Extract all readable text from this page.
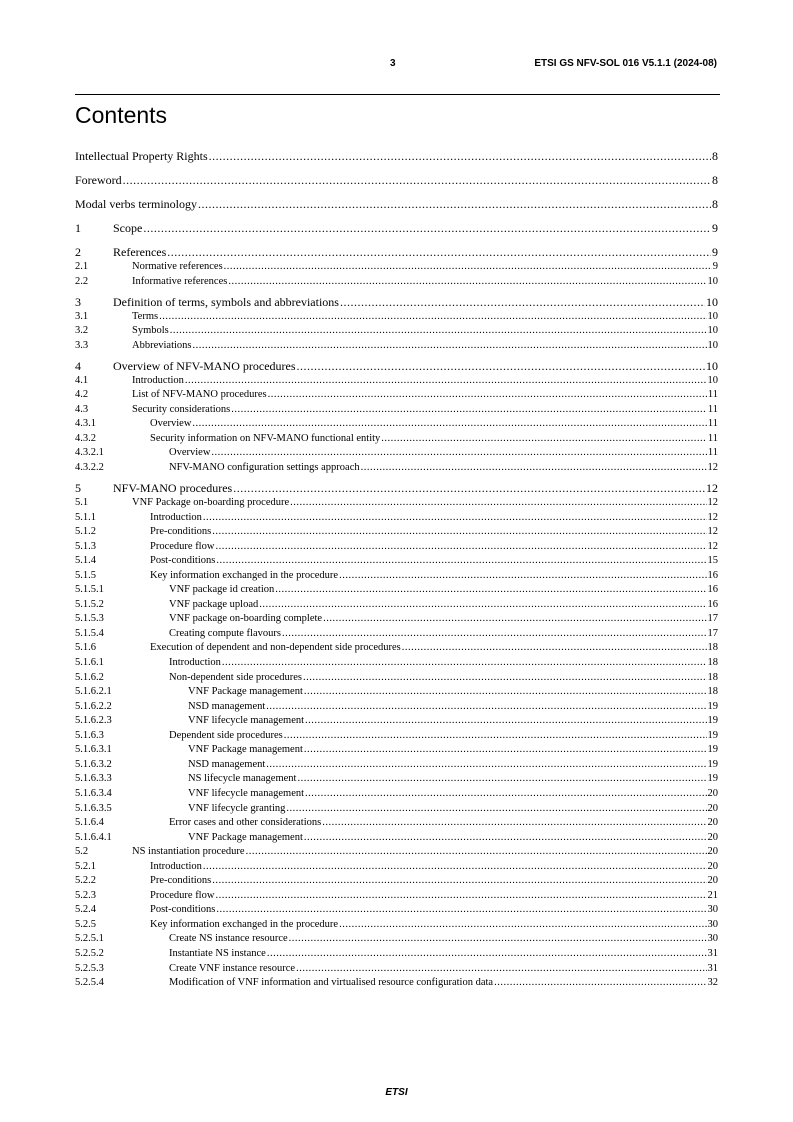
3	ETSI GS NFV-SOL 016 V5.1.1 (2024-08)
Contents
Intellectual Property Rights .....	8
Foreword .....	8
Modal verbs terminology .....	8
1	Scope .....	9
2	References .....	9
2.1	Normative references .....	9
2.2	Informative references .....	10
3	Definition of terms, symbols and abbreviations .....	10
3.1	Terms .....	10
3.2	Symbols .....	10
3.3	Abbreviations .....	10
4	Overview of NFV-MANO procedures .....	10
4.1	Introduction .....	10
4.2	List of NFV-MANO procedures .....	11
4.3	Security considerations .....	11
4.3.1	Overview .....	11
4.3.2	Security information on NFV-MANO functional entity .....	11
4.3.2.1	Overview .....	11
4.3.2.2	NFV-MANO configuration settings approach .....	12
5	NFV-MANO procedures .....	12
5.1	VNF Package on-boarding procedure .....	12
5.1.1	Introduction .....	12
5.1.2	Pre-conditions .....	12
5.1.3	Procedure flow .....	12
5.1.4	Post-conditions .....	15
5.1.5	Key information exchanged in the procedure .....	16
5.1.5.1	VNF package id creation .....	16
5.1.5.2	VNF package upload .....	16
5.1.5.3	VNF package on-boarding complete .....	17
5.1.5.4	Creating compute flavours .....	17
5.1.6	Execution of dependent and non-dependent side procedures .....	18
5.1.6.1	Introduction .....	18
5.1.6.2	Non-dependent side procedures .....	18
5.1.6.2.1	VNF Package management .....	18
5.1.6.2.2	NSD management .....	19
5.1.6.2.3	VNF lifecycle management .....	19
5.1.6.3	Dependent side procedures .....	19
5.1.6.3.1	VNF Package management .....	19
5.1.6.3.2	NSD management .....	19
5.1.6.3.3	NS lifecycle management .....	19
5.1.6.3.4	VNF lifecycle management .....	20
5.1.6.3.5	VNF lifecycle granting .....	20
5.1.6.4	Error cases and other considerations .....	20
5.1.6.4.1	VNF Package management .....	20
5.2	NS instantiation procedure .....	20
5.2.1	Introduction .....	20
5.2.2	Pre-conditions .....	20
5.2.3	Procedure flow .....	21
5.2.4	Post-conditions .....	30
5.2.5	Key information exchanged in the procedure .....	30
5.2.5.1	Create NS instance resource .....	30
5.2.5.2	Instantiate NS instance .....	31
5.2.5.3	Create VNF instance resource .....	31
5.2.5.4	Modification of VNF information and virtualised resource configuration data .....	32
ETSI
